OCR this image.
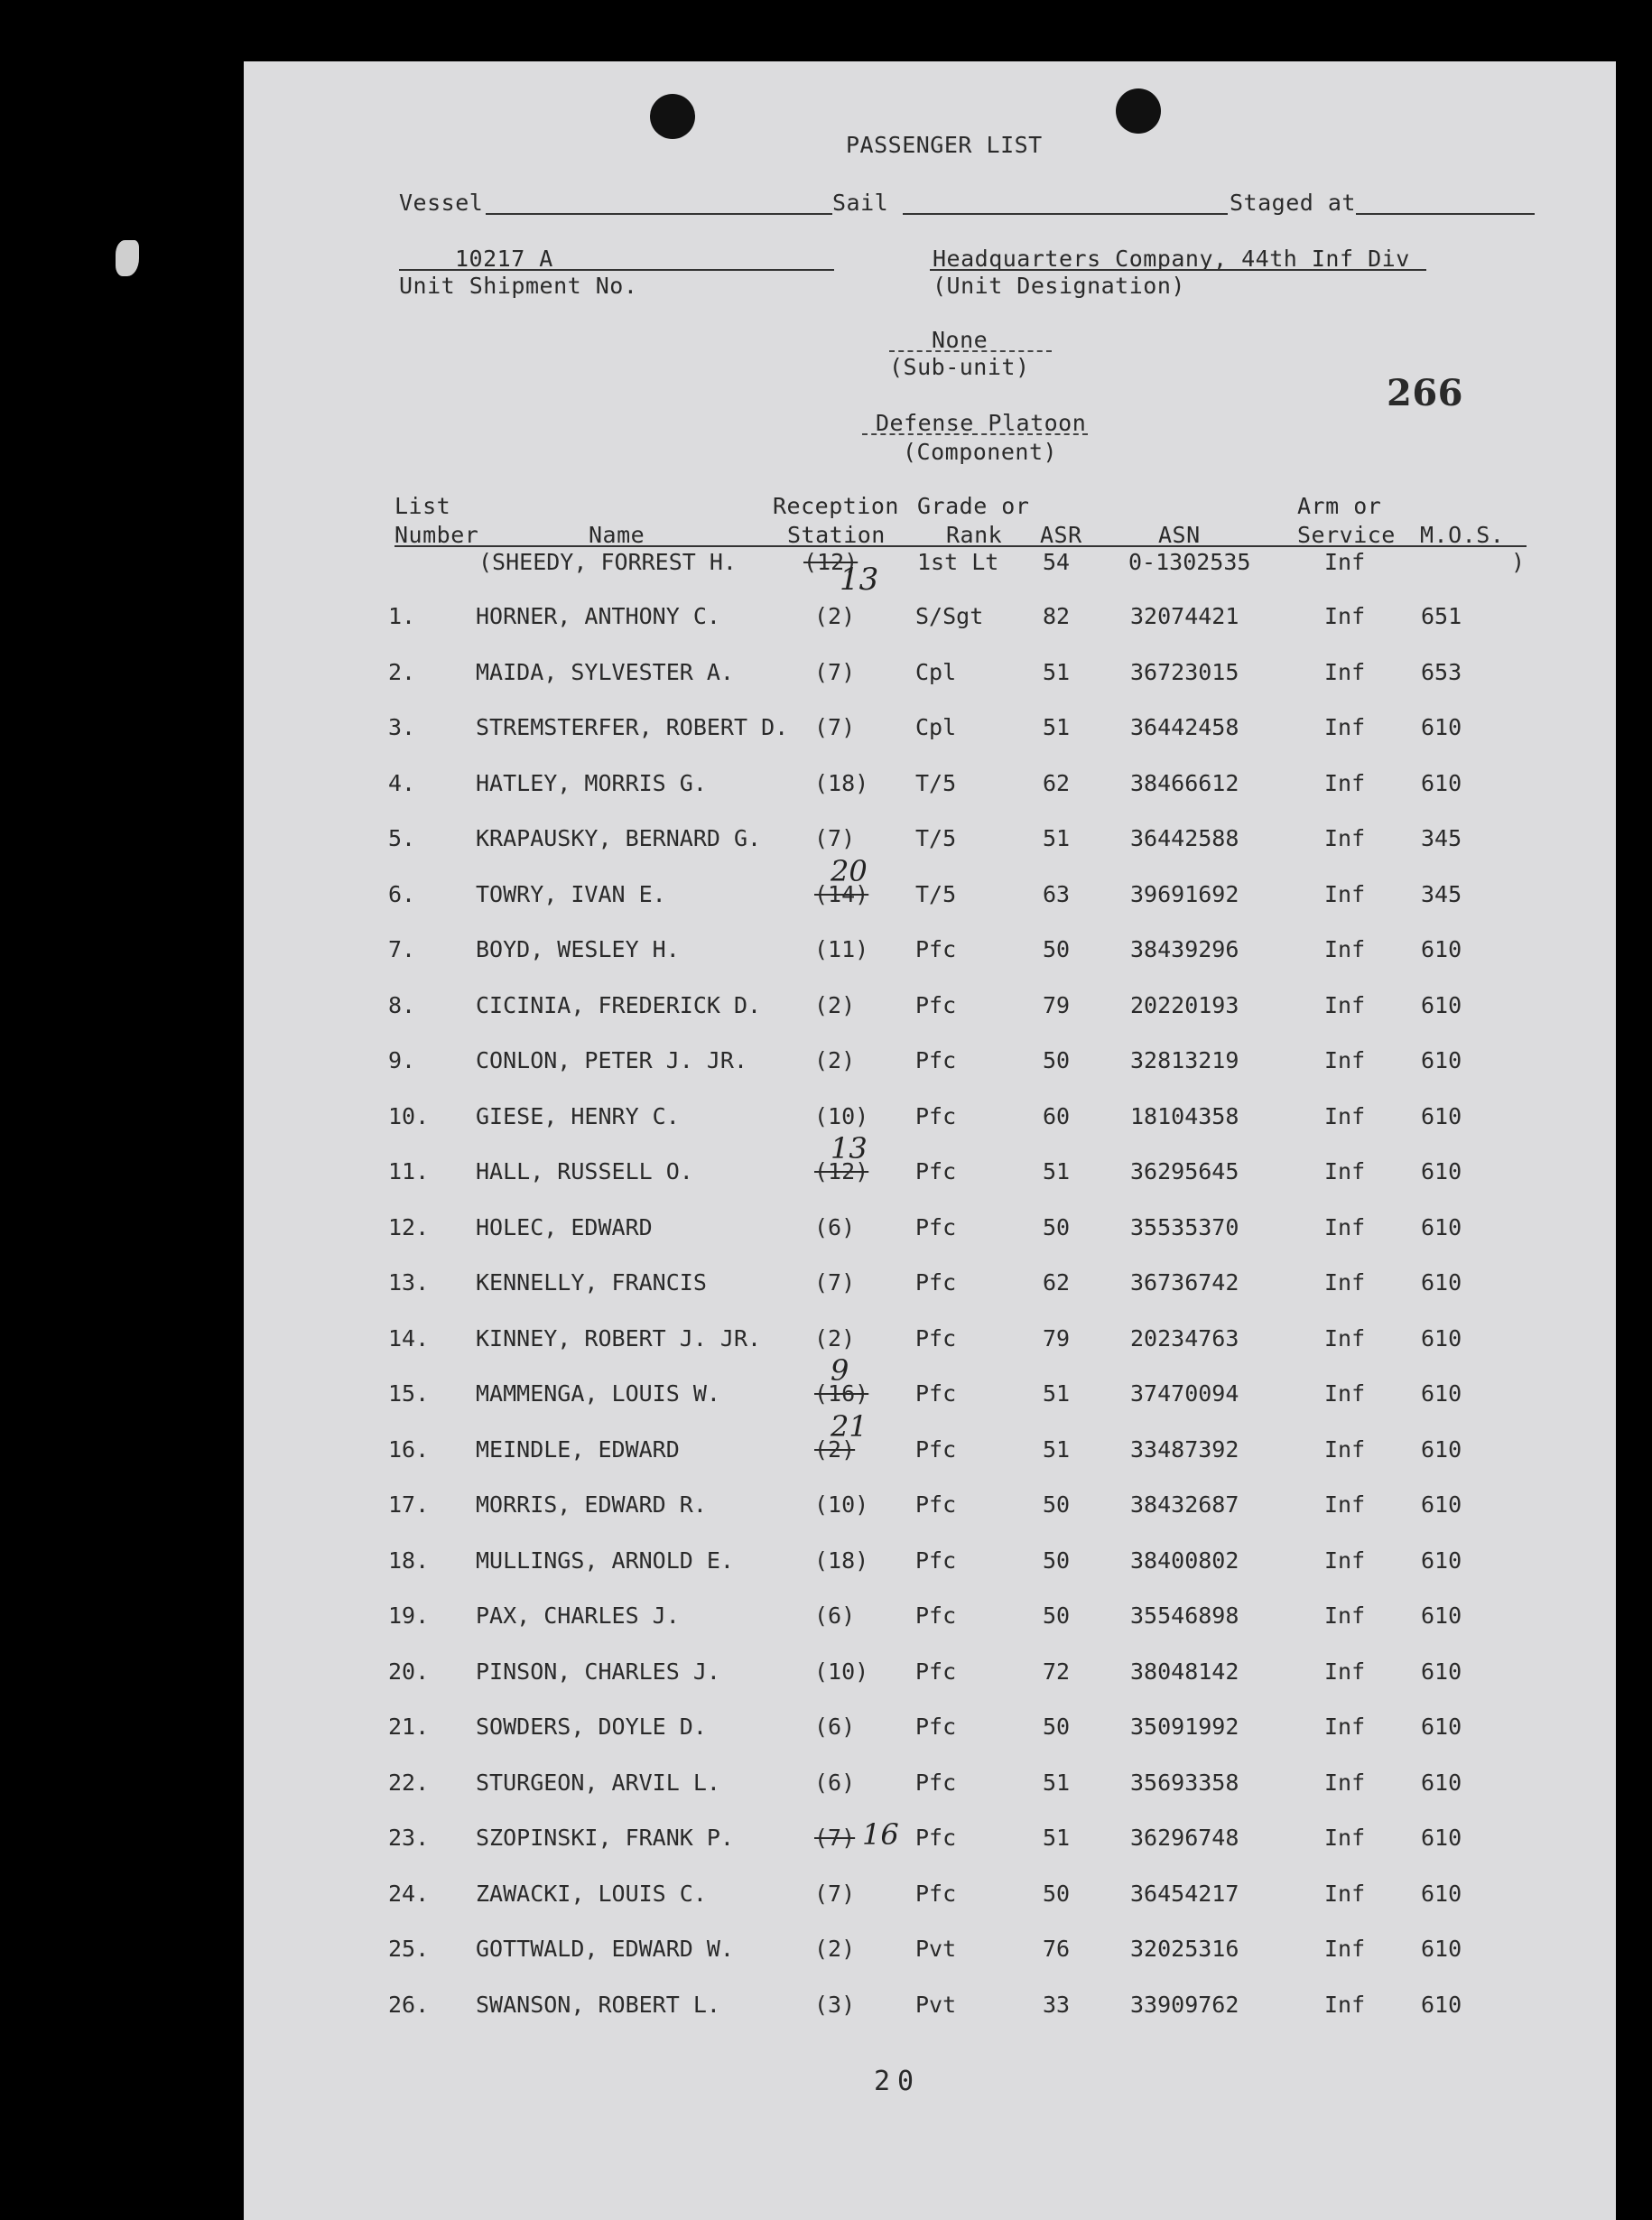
PASSENGER LIST
Vessel	Sail	Staged at
10217 A
Unit Shipment No.
Headquarters Company, 44th Inf Div
(Unit Designation)
None
(Sub-unit)
266
Defense Platoon
(Component)
List
Number	Name
Reception
Station
Grade or
Rank ASR	ASN
Arm or
Service M.O.S.
(SHEEDY, FORREST H.	(12)	1st Lt 54	0-1302535	Inf	)
13
1.	HORNER, ANTHONY C.	(2)	S/Sgt	82	32074421	Inf 651
2.	MAIDA, SYLVESTER A.	(7)	Cpl	51	36723015	Inf 653
3.	STREMSTERFER, ROBERT D. (7)	Cpl	51	36442458	Inf 610
4.	HATLEY, MORRIS G.	(18) T/5	62	38466612	Inf 610
5.	KRAPAUSKY, BERNARD G. (7)	T/5	51	36442588	Inf 345
6.	TOWRY, IVAN E.	(14) T/5	63	39691692	Inf 345
20
7.	BOYD, WESLEY H.	(11) Pfc	50	38439296	Inf 610
8.	CICINIA, FREDERICK D. (2)	Pfc	79	20220193	Inf 610
9.	CONLON, PETER J. JR.	(2)	Pfc	50	32813219	Inf 610
10. GIESE, HENRY C.	(10) Pfc	60	18104358	Inf 610
11. HALL, RUSSELL O.	(12) Pfc	51	36295645	Inf 610
13
12. HOLEC, EDWARD	(6)	Pfc	50	35535370	Inf 610
13. KENNELLY, FRANCIS	(7)	Pfc	62	36736742	Inf 610
14. KINNEY, ROBERT J. JR. (2)	Pfc	79	20234763	Inf 610
15. MAMMENGA, LOUIS W.	(16) Pfc	51	37470094	Inf 610
9
16. MEINDLE, EDWARD	(2)	Pfc	51	33487392	Inf 610
21
17. MORRIS, EDWARD R.	(10) Pfc	50	38432687	Inf 610
18. MULLINGS, ARNOLD E.	(18) Pfc	50	38400802	Inf 610
19. PAX, CHARLES J.	(6)	Pfc	50	35546898	Inf 610
20. PINSON, CHARLES J.	(10) Pfc	72	38048142	Inf 610
21. SOWDERS, DOYLE D.	(6)	Pfc	50	35091992	Inf 610
22. STURGEON, ARVIL L.	(6)	Pfc	51	35693358	Inf 610
23. SZOPINSKI, FRANK P.	(7)	Pfc	51	36296748	Inf 610
16
24. ZAWACKI, LOUIS C.	(7)	Pfc	50	36454217	Inf 610
25. GOTTWALD, EDWARD W.	(2)	Pvt	76	32025316	Inf 610
26. SWANSON, ROBERT L.	(3)	Pvt	33	33909762	Inf 610
20
